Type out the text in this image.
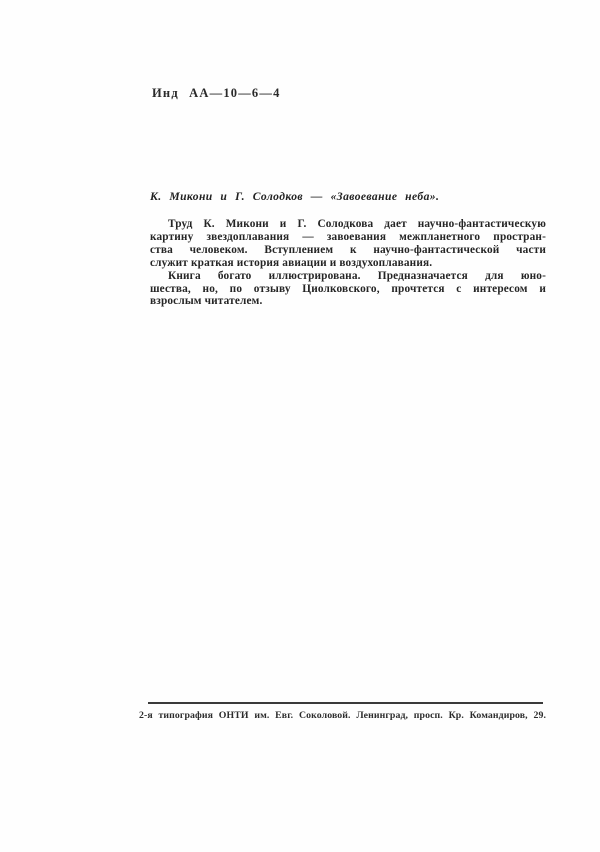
Инд АА—10—6—4
К. Микони и Г. Солодков — «Завоевание неба».
Труд К. Микони и Г. Солодкова дает научно-фантастическую
картину звездоплавания — завоевания межпланетного простран-
ства человеком. Вступлением к научно-фантастической части
служит краткая история авиации и воздухоплавания.
Книга богато иллюстрирована. Предназначается для юно-
шества, но, по отзыву Циолковского, прочтется с интересом и
взрослым читателем.
2-я типография ОНТИ им. Евг. Соколовой. Ленинград, просп. Кр. Командиров, 29.
